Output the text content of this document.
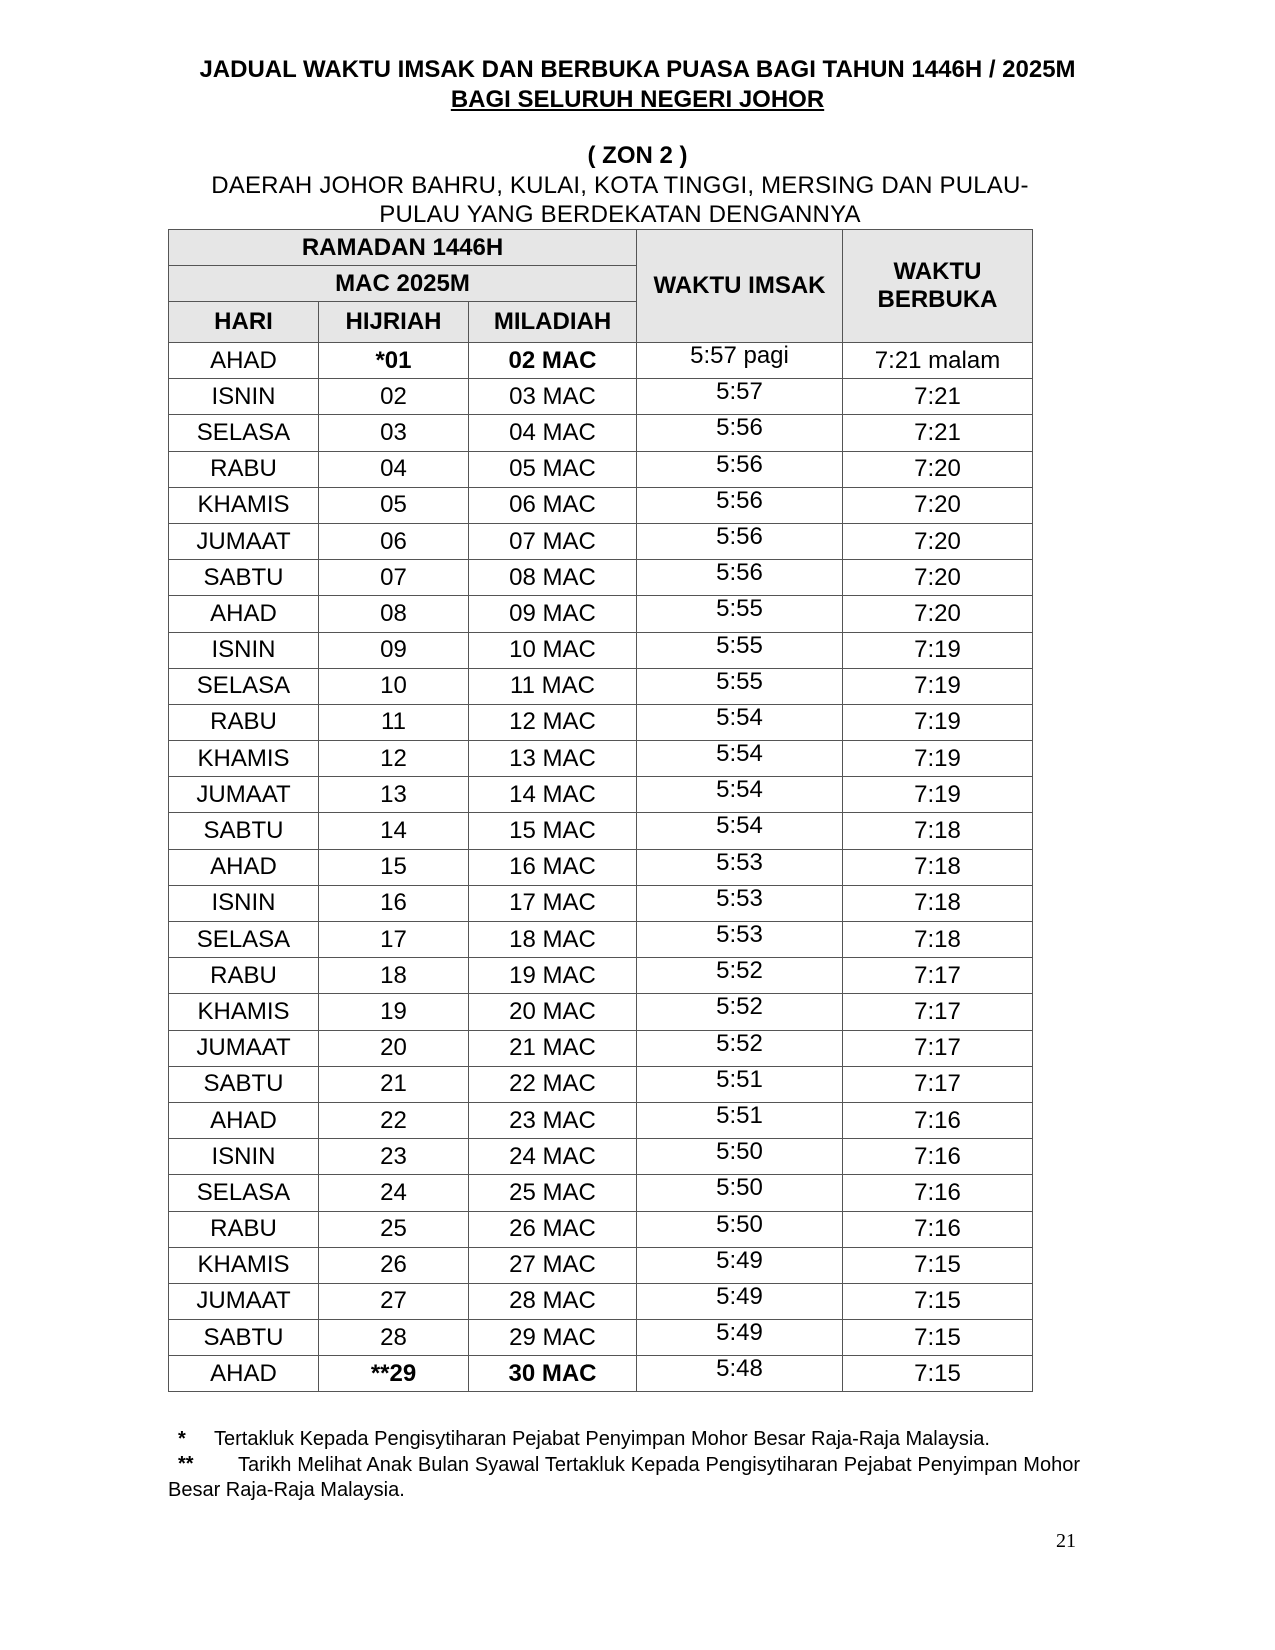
JADUAL WAKTU IMSAK DAN BERBUKA PUASA BAGI TAHUN 1446H / 2025M
BAGI SELURUH NEGERI JOHOR
( ZON 2 )
DAERAH JOHOR BAHRU, KULAI, KOTA TINGGI, MERSING DAN PULAU-PULAU YANG BERDEKATAN DENGANNYA
RAMADAN 1446H			WAKTU IMSAK	WAKTU BERBUKA
MAC 2025M				
HARI	HIJRIAH	MILADIAH		
AHAD	*01	02 MAC	5:57 pagi	7:21 malam
ISNIN	02	03 MAC	5:57	7:21
SELASA	03	04 MAC	5:56	7:21
RABU	04	05 MAC	5:56	7:20
KHAMIS	05	06 MAC	5:56	7:20
JUMAAT	06	07 MAC	5:56	7:20
SABTU	07	08 MAC	5:56	7:20
AHAD	08	09 MAC	5:55	7:20
ISNIN	09	10 MAC	5:55	7:19
SELASA	10	11 MAC	5:55	7:19
RABU	11	12 MAC	5:54	7:19
KHAMIS	12	13 MAC	5:54	7:19
JUMAAT	13	14 MAC	5:54	7:19
SABTU	14	15 MAC	5:54	7:18
AHAD	15	16 MAC	5:53	7:18
ISNIN	16	17 MAC	5:53	7:18
SELASA	17	18 MAC	5:53	7:18
RABU	18	19 MAC	5:52	7:17
KHAMIS	19	20 MAC	5:52	7:17
JUMAAT	20	21 MAC	5:52	7:17
SABTU	21	22 MAC	5:51	7:17
AHAD	22	23 MAC	5:51	7:16
ISNIN	23	24 MAC	5:50	7:16
SELASA	24	25 MAC	5:50	7:16
RABU	25	26 MAC	5:50	7:16
KHAMIS	26	27 MAC	5:49	7:15
JUMAAT	27	28 MAC	5:49	7:15
SABTU	28	29 MAC	5:49	7:15
AHAD	**29	30 MAC	5:48	7:15
* Tertakluk Kepada Pengisytiharan Pejabat Penyimpan Mohor Besar Raja-Raja Malaysia.
**	Tarikh Melihat Anak Bulan Syawal Tertakluk Kepada Pengisytiharan Pejabat Penyimpan Mohor Besar Raja-Raja Malaysia.

21
